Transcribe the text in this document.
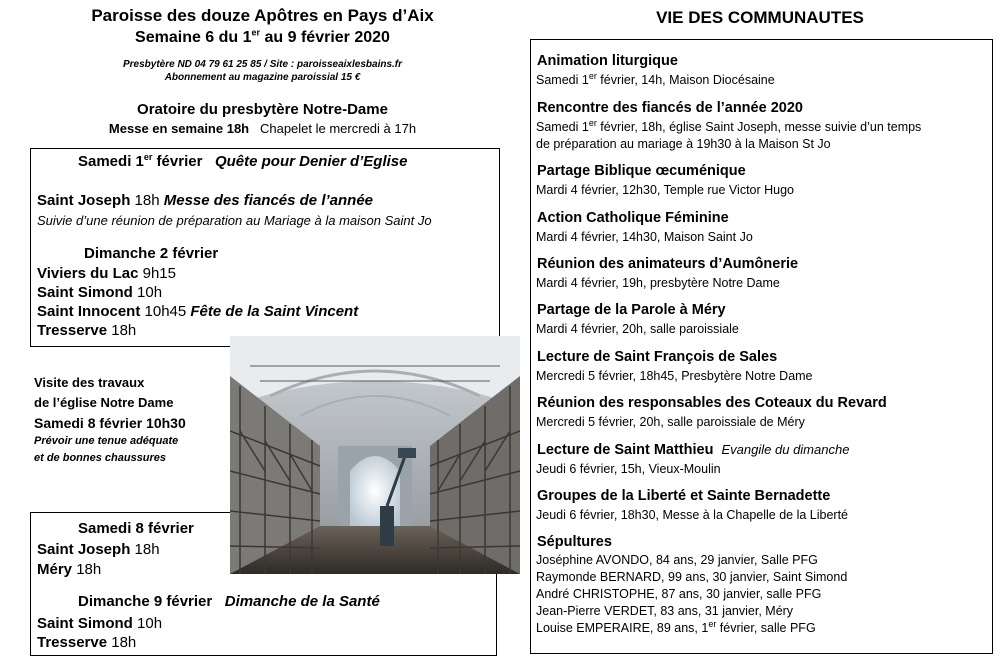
Paroisse des douze Apôtres en Pays d’Aix
Semaine 6 du 1er au 9 février 2020
Presbytère ND 04 79 61 25 85 / Site : paroisseaixlesbains.fr
Abonnement au magazine paroissial 15 €
Oratoire du presbytère Notre-Dame
Messe en semaine 18h Chapelet le mercredi à 17h
Samedi 1er février Quête pour Denier d’Eglise
Saint Joseph 18h Messe des fiancés de l’année
Suivie d’une réunion de préparation au Mariage à la maison Saint Jo
Dimanche 2 février
Viviers du Lac 9h15
Saint Simond 10h
Saint Innocent 10h45 Fête de la Saint Vincent
Tresserve 18h
Visite des travaux
de l’église Notre Dame
Samedi 8 février 10h30
Prévoir une tenue adéquate
et de bonnes chaussures
Samedi 8 février
Saint Joseph 18h
Méry 18h
Dimanche 9 février Dimanche de la Santé
Saint Simond 10h
Tresserve 18h
VIE DES COMMUNAUTES
Animation liturgique
Samedi 1er février, 14h, Maison Diocésaine
Rencontre des fiancés de l’année 2020
Samedi 1er février, 18h, église Saint Joseph, messe suivie d’un temps
de préparation au mariage à 19h30 à la Maison St Jo
Partage Biblique œcuménique
Mardi 4 février, 12h30, Temple rue Victor Hugo
Action Catholique Féminine
Mardi 4 février, 14h30, Maison Saint Jo
Réunion des animateurs d’Aumônerie
Mardi 4 février, 19h, presbytère Notre Dame
Partage de la Parole à Méry
Mardi 4 février, 20h, salle paroissiale
Lecture de Saint François de Sales
Mercredi 5 février, 18h45, Presbytère Notre Dame
Réunion des responsables des Coteaux du Revard
Mercredi 5 février, 20h, salle paroissiale de Méry
Lecture de Saint Matthieu Evangile du dimanche
Jeudi 6 février, 15h, Vieux-Moulin
Groupes de la Liberté et Sainte Bernadette
Jeudi 6 février, 18h30, Messe à la Chapelle de la Liberté
Sépultures
Joséphine AVONDO, 84 ans, 29 janvier, Salle PFG
Raymonde BERNARD, 99 ans, 30 janvier, Saint Simond
André CHRISTOPHE, 87 ans, 30 janvier, salle PFG
Jean-Pierre VERDET, 83 ans, 31 janvier, Méry
Louise EMPERAIRE, 89 ans, 1er février, salle PFG
